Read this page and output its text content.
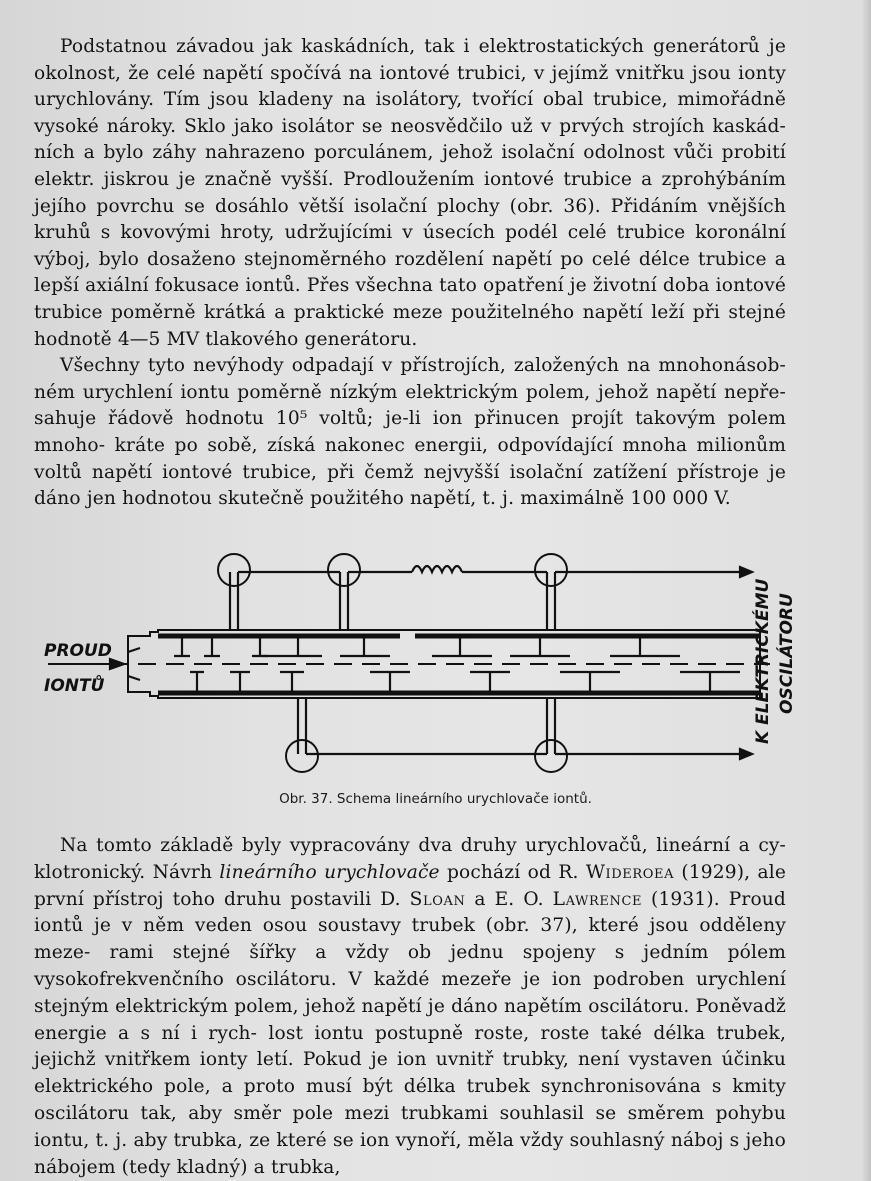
Podstatnou závadou jak kaskádních, tak i elektrostatických generátorů je okolnost, že celé napětí spočívá na iontové trubici, v jejímž vnitřku jsou ionty urychlovány. Tím jsou kladeny na isolátory, tvořící obal trubice, mimořádně vysoké nároky. Sklo jako isolátor se neosvědčilo už v prvých strojích kaskád- ních a bylo záhy nahrazeno porculánem, jehož isolační odolnost vůči probití elektr. jiskrou je značně vyšší. Prodloužením iontové trubice a zprohýbáním jejího povrchu se dosáhlo větší isolační plochy (obr. 36). Přidáním vnějších kruhů s kovovými hroty, udržujícími v úsecích podél celé trubice koronální výboj, bylo dosaženo stejnoměrného rozdělení napětí po celé délce trubice a lepší axiální fokusace iontů. Přes všechna tato opatření je životní doba iontové trubice poměrně krátká a praktické meze použitelného napětí leží při stejné hodnotě 4—5 MV tlakového generátoru.

Všechny tyto nevýhody odpadají v přístrojích, založených na mnohonásob- ném urychlení iontu poměrně nízkým elektrickým polem, jehož napětí nepře- sahuje řádově hodnotu 10⁵ voltů; je-li ion přinucen projít takovým polem mnoho- kráte po sobě, získá nakonec energii, odpovídající mnoha milionům voltů napětí iontové trubice, při čemž nejvyšší isolační zatížení přístroje je dáno jen hodnotou skutečně použitého napětí, t. j. maximálně 100 000 V.

PROUD
IONTŮ	K ELEKTRICKÉMU OSCILÁTORU
Obr. 37. Schema lineárního urychlovače iontů.

Na tomto základě byly vypracovány dva druhy urychlovačů, lineární a cy- klotronický. Návrh lineárního urychlovače pochází od R. Wideroea (1929), ale první přístroj toho druhu postavili D. Sloan a E. O. Lawrence (1931). Proud iontů je v něm veden osou soustavy trubek (obr. 37), které jsou odděleny meze- rami stejné šířky a vždy ob jednu spojeny s jedním pólem vysokofrekvenčního oscilátoru. V každé mezeře je ion podroben urychlení stejným elektrickým polem, jehož napětí je dáno napětím oscilátoru. Poněvadž energie a s ní i rych- lost iontu postupně roste, roste také délka trubek, jejichž vnitřkem ionty letí. Pokud je ion uvnitř trubky, není vystaven účinku elektrického pole, a proto musí být délka trubek synchronisována s kmity oscilátoru tak, aby směr pole mezi trubkami souhlasil se směrem pohybu iontu, t. j. aby trubka, ze které se ion vynoří, měla vždy souhlasný náboj s jeho nábojem (tedy kladný) a trubka,
